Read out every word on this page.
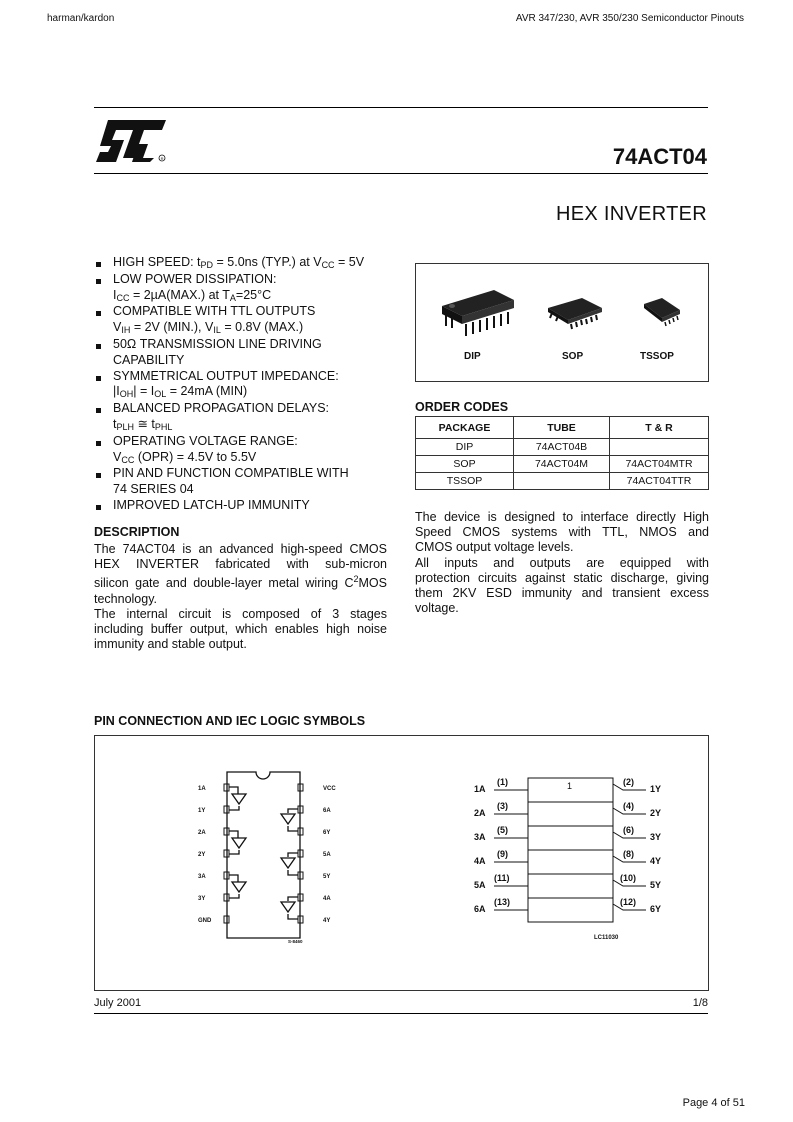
harman/kardon	AVR 347/230, AVR 350/230 Semiconductor Pinouts
R	74ACT04
HEX INVERTER
HIGH SPEED: tPD = 5.0ns (TYP.) at VCC = 5V
LOW POWER DISSIPATION:
ICC = 2µA(MAX.) at TA=25°C
COMPATIBLE WITH TTL OUTPUTS
VIH = 2V (MIN.), VIL = 0.8V (MAX.)
50Ω TRANSMISSION LINE DRIVING
CAPABILITY
SYMMETRICAL OUTPUT IMPEDANCE:
|IOH| = IOL = 24mA (MIN)
BALANCED PROPAGATION DELAYS:
tPLH ≅ tPHL
OPERATING VOLTAGE RANGE:
VCC (OPR) = 4.5V to 5.5V
PIN AND FUNCTION COMPATIBLE WITH
74 SERIES 04
IMPROVED LATCH-UP IMMUNITY
DIP	SOP	TSSOP
ORDER CODES
PACKAGE	TUBE	T & R
DIP	74ACT04B	
SOP	74ACT04M	74ACT04MTR
TSSOP		74ACT04TTR
DESCRIPTION
The 74ACT04 is an advanced high-speed CMOS
HEX INVERTER fabricated with sub-micron
silicon gate and double-layer metal wiring $C^2MOS$
technology.
The internal circuit is composed of 3 stages
including buffer output, which enables high noise
immunity and stable output.
The device is designed to interface directly High
Speed CMOS systems with TTL, NMOS and
CMOS output voltage levels.
All inputs and outputs are equipped with
protection circuits against static discharge, giving
them 2KV ESD immunity and transient excess
voltage.
PIN CONNECTION AND IEC LOGIC SYMBOLS
1A
1Y
2A
2Y
3A
3Y
GND
VCC
6A
6Y
5A
5Y
4A
4Y
S-8460
1
1A
2A
3A
4A
5A
6A
(1)
(3)
(5)
(9)
(11)
(13)
(2)
(4)
(6)
(8)
(10)
(12)
1Y
2Y
3Y
4Y
5Y
6Y
LC11030
July 2001	1/8
Page 4 of 51
